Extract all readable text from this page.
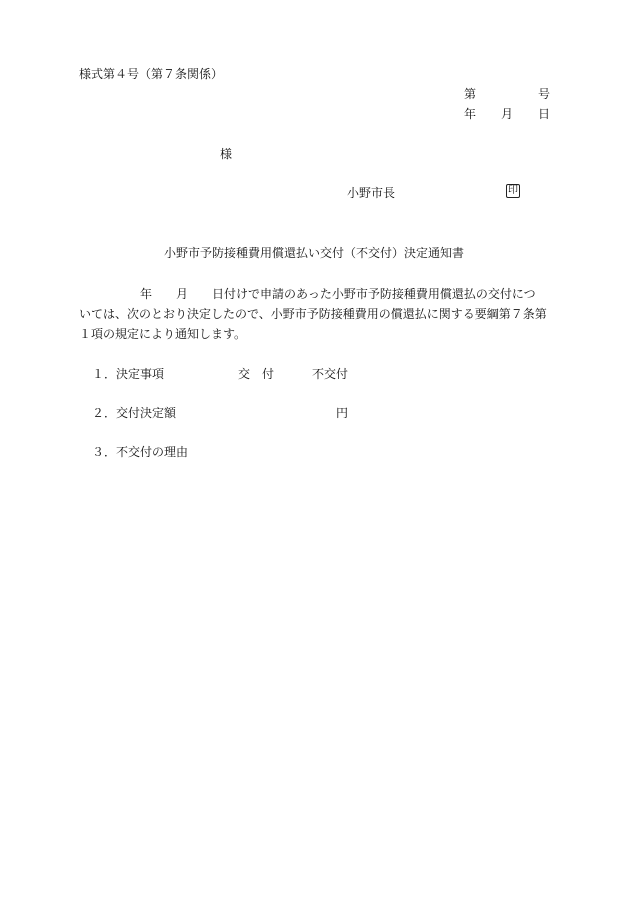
様式第４号（第７条関係）
第	号
年 月 日
様
小野市長	印
小野市予防接種費用償還払い交付（不交付）決定通知書
年 月 日付けで申請のあった小野市予防接種費用償還払の交付につ
いては、次のとおり決定したので、小野市予防接種費用の償還払に関する要綱第７条第
１項の規定により通知します。
１． 決定事項	交　付	不交付
２． 交付決定額	円
３． 不交付の理由
